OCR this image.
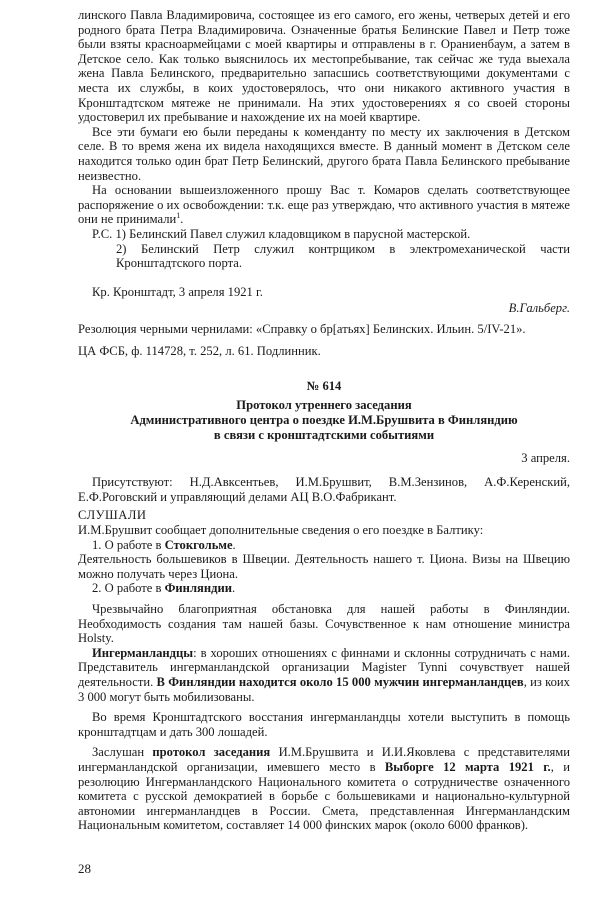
линского Павла Владимировича, состоящее из его самого, его жены, четверых детей и его родного брата Петра Владимировича. Означенные братья Белинские Павел и Петр тоже были взяты красноармейцами с моей квартиры и отправлены в г. Ораниенбаум, а затем в Детское село. Как только выяснилось их местопребывание, так сейчас же туда выехала жена Павла Белинского, предварительно запасшись соответствующими документами с места их службы, в коих удостоверялось, что они никакого активного участия в Кронштадтском мятеже не принимали. На этих удостоверениях я со своей стороны удостоверил их пребывание и нахождение их на моей квартире.

Все эти бумаги ею были переданы к коменданту по месту их заключения в Детском селе. В то время жена их видела находящихся вместе. В данный момент в Детском селе находится только один брат Петр Белинский, другого брата Павла Белинского пребывание неизвестно.

На основании вышеизложенного прошу Вас т. Комаров сделать соответствующее распоряжение о их освобождении: т.к. еще раз утверждаю, что активного участия в мятеже они не принимали$^1$.

P.С. 1) Белинский Павел служил кладовщиком в парусной мастерской.

2) Белинский Петр служил контрщиком в электромеханической части Кронштадтского порта.

Кр. Кронштадт, 3 апреля 1921 г.

В.Гальберг.

Резолюция черными чернилами: «Справку о бр[атьях] Белинских. Ильин. 5/IV-21».

ЦА ФСБ, ф. 114728, т. 252, л. 61. Подлинник.

№ 614

Протокол утреннего заседания
Административного центра о поездке И.М.Брушвита в Финляндию
в связи с кронштадтскими событиями

3 апреля.

Присутствуют: Н.Д.Авксентьев, И.М.Брушвит, В.М.Зензинов, А.Ф.Керенский, Е.Ф.Роговский и управляющий делами АЦ В.О.Фабрикант.

СЛУШАЛИ

И.М.Брушвит сообщает дополнительные сведения о его поездке в Балтику:

1. О работе в Стокгольме.

Деятельность большевиков в Швеции. Деятельность нашего т. Циона. Визы на Швецию можно получать через Циона.

2. О работе в Финляндии.

Чрезвычайно благоприятная обстановка для нашей работы в Финляндии. Необходимость создания там нашей базы. Сочувственное к нам отношение министра Holsty.

Ингерманландцы: в хороших отношениях с финнами и склонны сотрудничать с нами. Представитель ингерманландской организации Magister Tynni сочувствует нашей деятельности. В Финляндии находится около 15 000 мужчин ингерманландцев, из коих 3 000 могут быть мобилизованы.

Во время Кронштадтского восстания ингерманландцы хотели выступить в помощь кронштадтцам и дать 300 лошадей.

Заслушан протокол заседания И.М.Брушвита и И.И.Яковлева с представителями ингерманландской организации, имевшего место в Выборге 12 марта 1921 г., и резолюцию Ингерманландского Национального комитета о сотрудничестве означенного комитета с русской демократией в борьбе с большевиками и национально-культурной автономии ингерманландцев в России. Смета, представленная Ингерманландским Национальным комитетом, составляет 14 000 финских марок (около 6000 франков).

28
